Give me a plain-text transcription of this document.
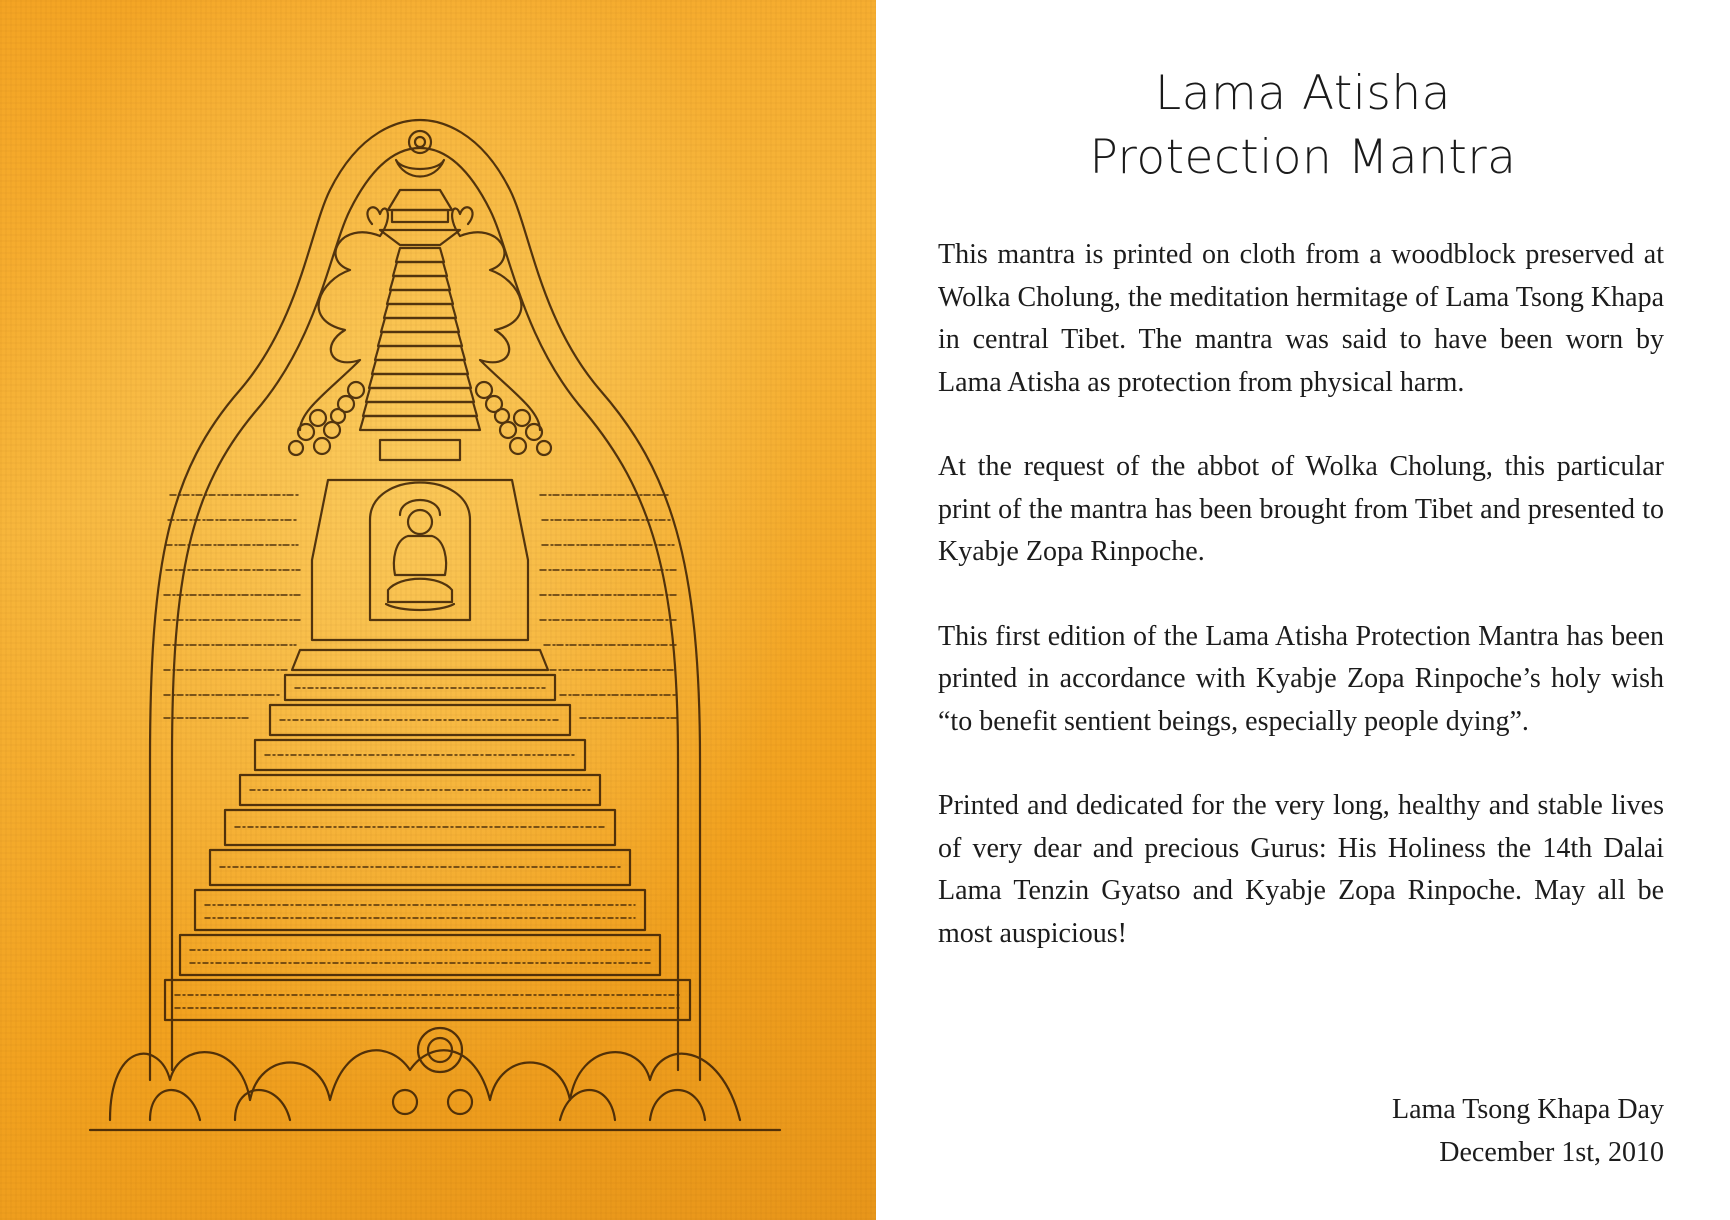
Lama Atisha
Protection Mantra

This mantra is printed on cloth from a woodblock preserved at Wolka Cholung, the meditation hermitage of Lama Tsong Khapa in central Tibet. The mantra was said to have been worn by Lama Atisha as protection from physical harm.

At the request of the abbot of Wolka Cholung, this particular print of the mantra has been brought from Tibet and presented to Kyabje Zopa Rinpoche.

This first edition of the Lama Atisha Protection Mantra has been printed in accordance with Kyabje Zopa Rinpoche’s holy wish “to benefit sentient beings, especially people dying”.

Printed and dedicated for the very long, healthy and stable lives of very dear and precious Gurus: His Holiness the 14th Dalai Lama Tenzin Gyatso and Kyabje Zopa Rinpoche. May all be most auspicious!

Lama Tsong Khapa Day
December 1st, 2010
